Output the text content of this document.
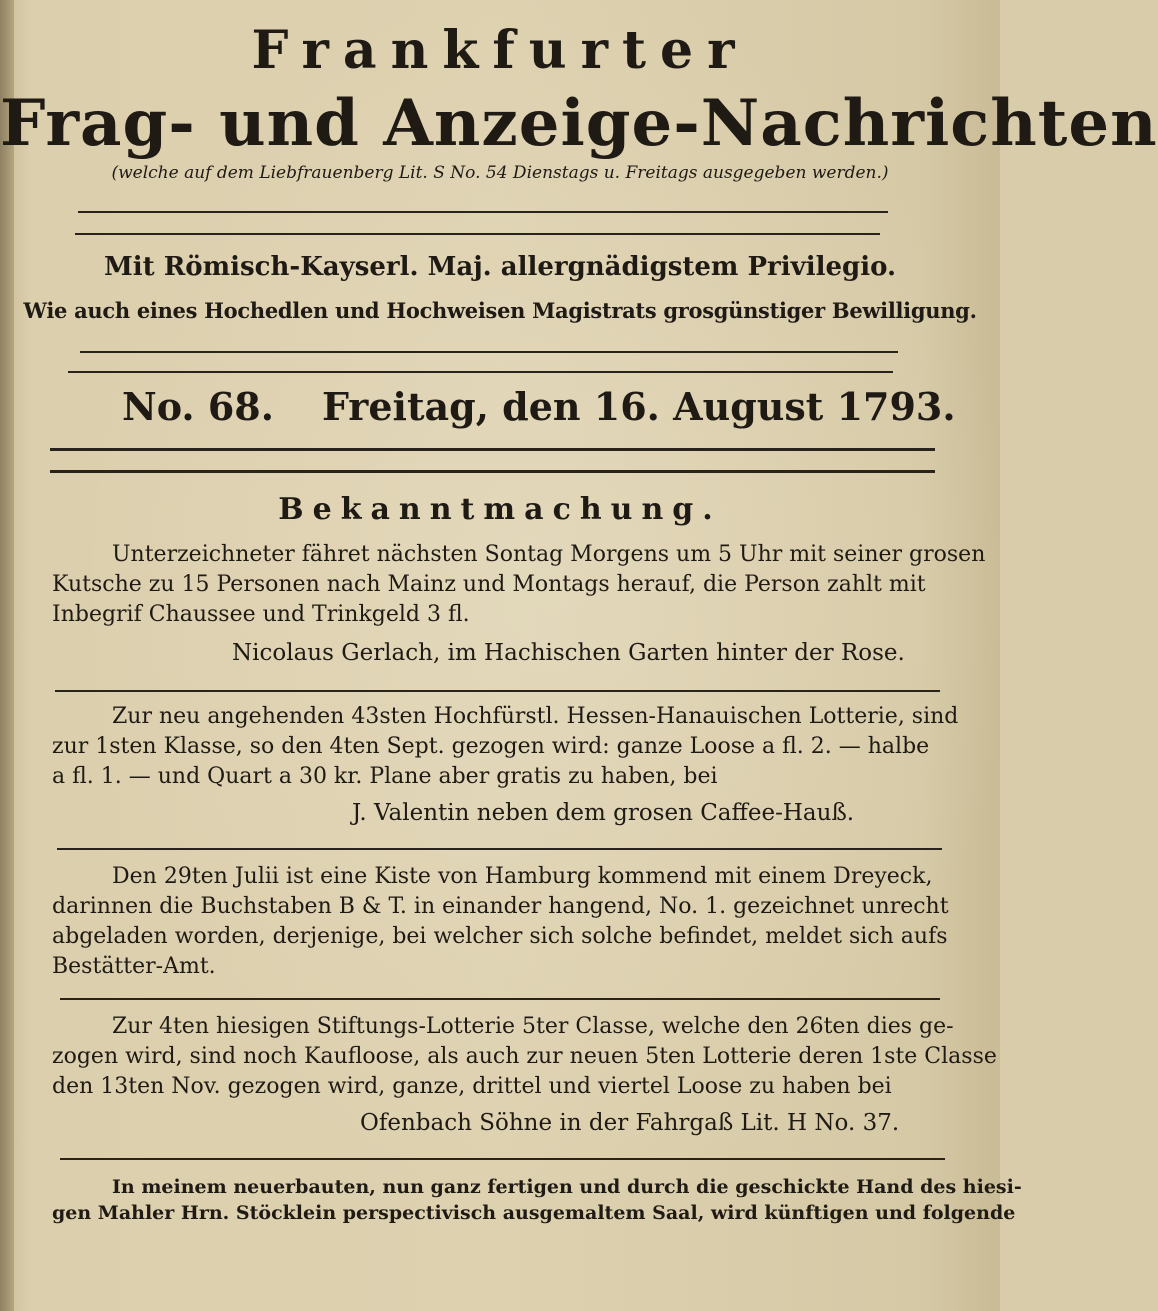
Frankfurter
Frag- und Anzeige-Nachrichten
(welche auf dem Liebfrauenberg Lit. S No. 54 Dienstags u. Freitags ausgegeben werden.)
Mit Römisch-Kayserl. Maj. allergnädigstem Privilegio.
Wie auch eines Hochedlen und Hochweisen Magistrats grosgünstiger Bewilligung.
No. 68. Freitag, den 16. August 1793.
Bekanntmachung.
Unterzeichneter fähret nächsten Sontag Morgens um 5 Uhr mit seiner grosen
Kutsche zu 15 Personen nach Mainz und Montags herauf, die Person zahlt mit
Inbegrif Chaussee und Trinkgeld 3 fl.
Nicolaus Gerlach, im Hachischen Garten hinter der Rose.
Zur neu angehenden 43sten Hochfürstl. Hessen-Hanauischen Lotterie, sind
zur 1sten Klasse, so den 4ten Sept. gezogen wird: ganze Loose a fl. 2. — halbe
a fl. 1. — und Quart a 30 kr. Plane aber gratis zu haben, bei
J. Valentin neben dem grosen Caffee-Hauß.
Den 29ten Julii ist eine Kiste von Hamburg kommend mit einem Dreyeck,
darinnen die Buchstaben B & T. in einander hangend, No. 1. gezeichnet unrecht
abgeladen worden, derjenige, bei welcher sich solche befindet, meldet sich aufs
Bestätter-Amt.
Zur 4ten hiesigen Stiftungs-Lotterie 5ter Classe, welche den 26ten dies ge-
zogen wird, sind noch Kaufloose, als auch zur neuen 5ten Lotterie deren 1ste Classe
den 13ten Nov. gezogen wird, ganze, drittel und viertel Loose zu haben bei
Ofenbach Söhne in der Fahrgaß Lit. H No. 37.
In meinem neuerbauten, nun ganz fertigen und durch die geschickte Hand des hiesi-
gen Mahler Hrn. Stöcklein perspectivisch ausgemaltem Saal, wird künftigen und folgende
